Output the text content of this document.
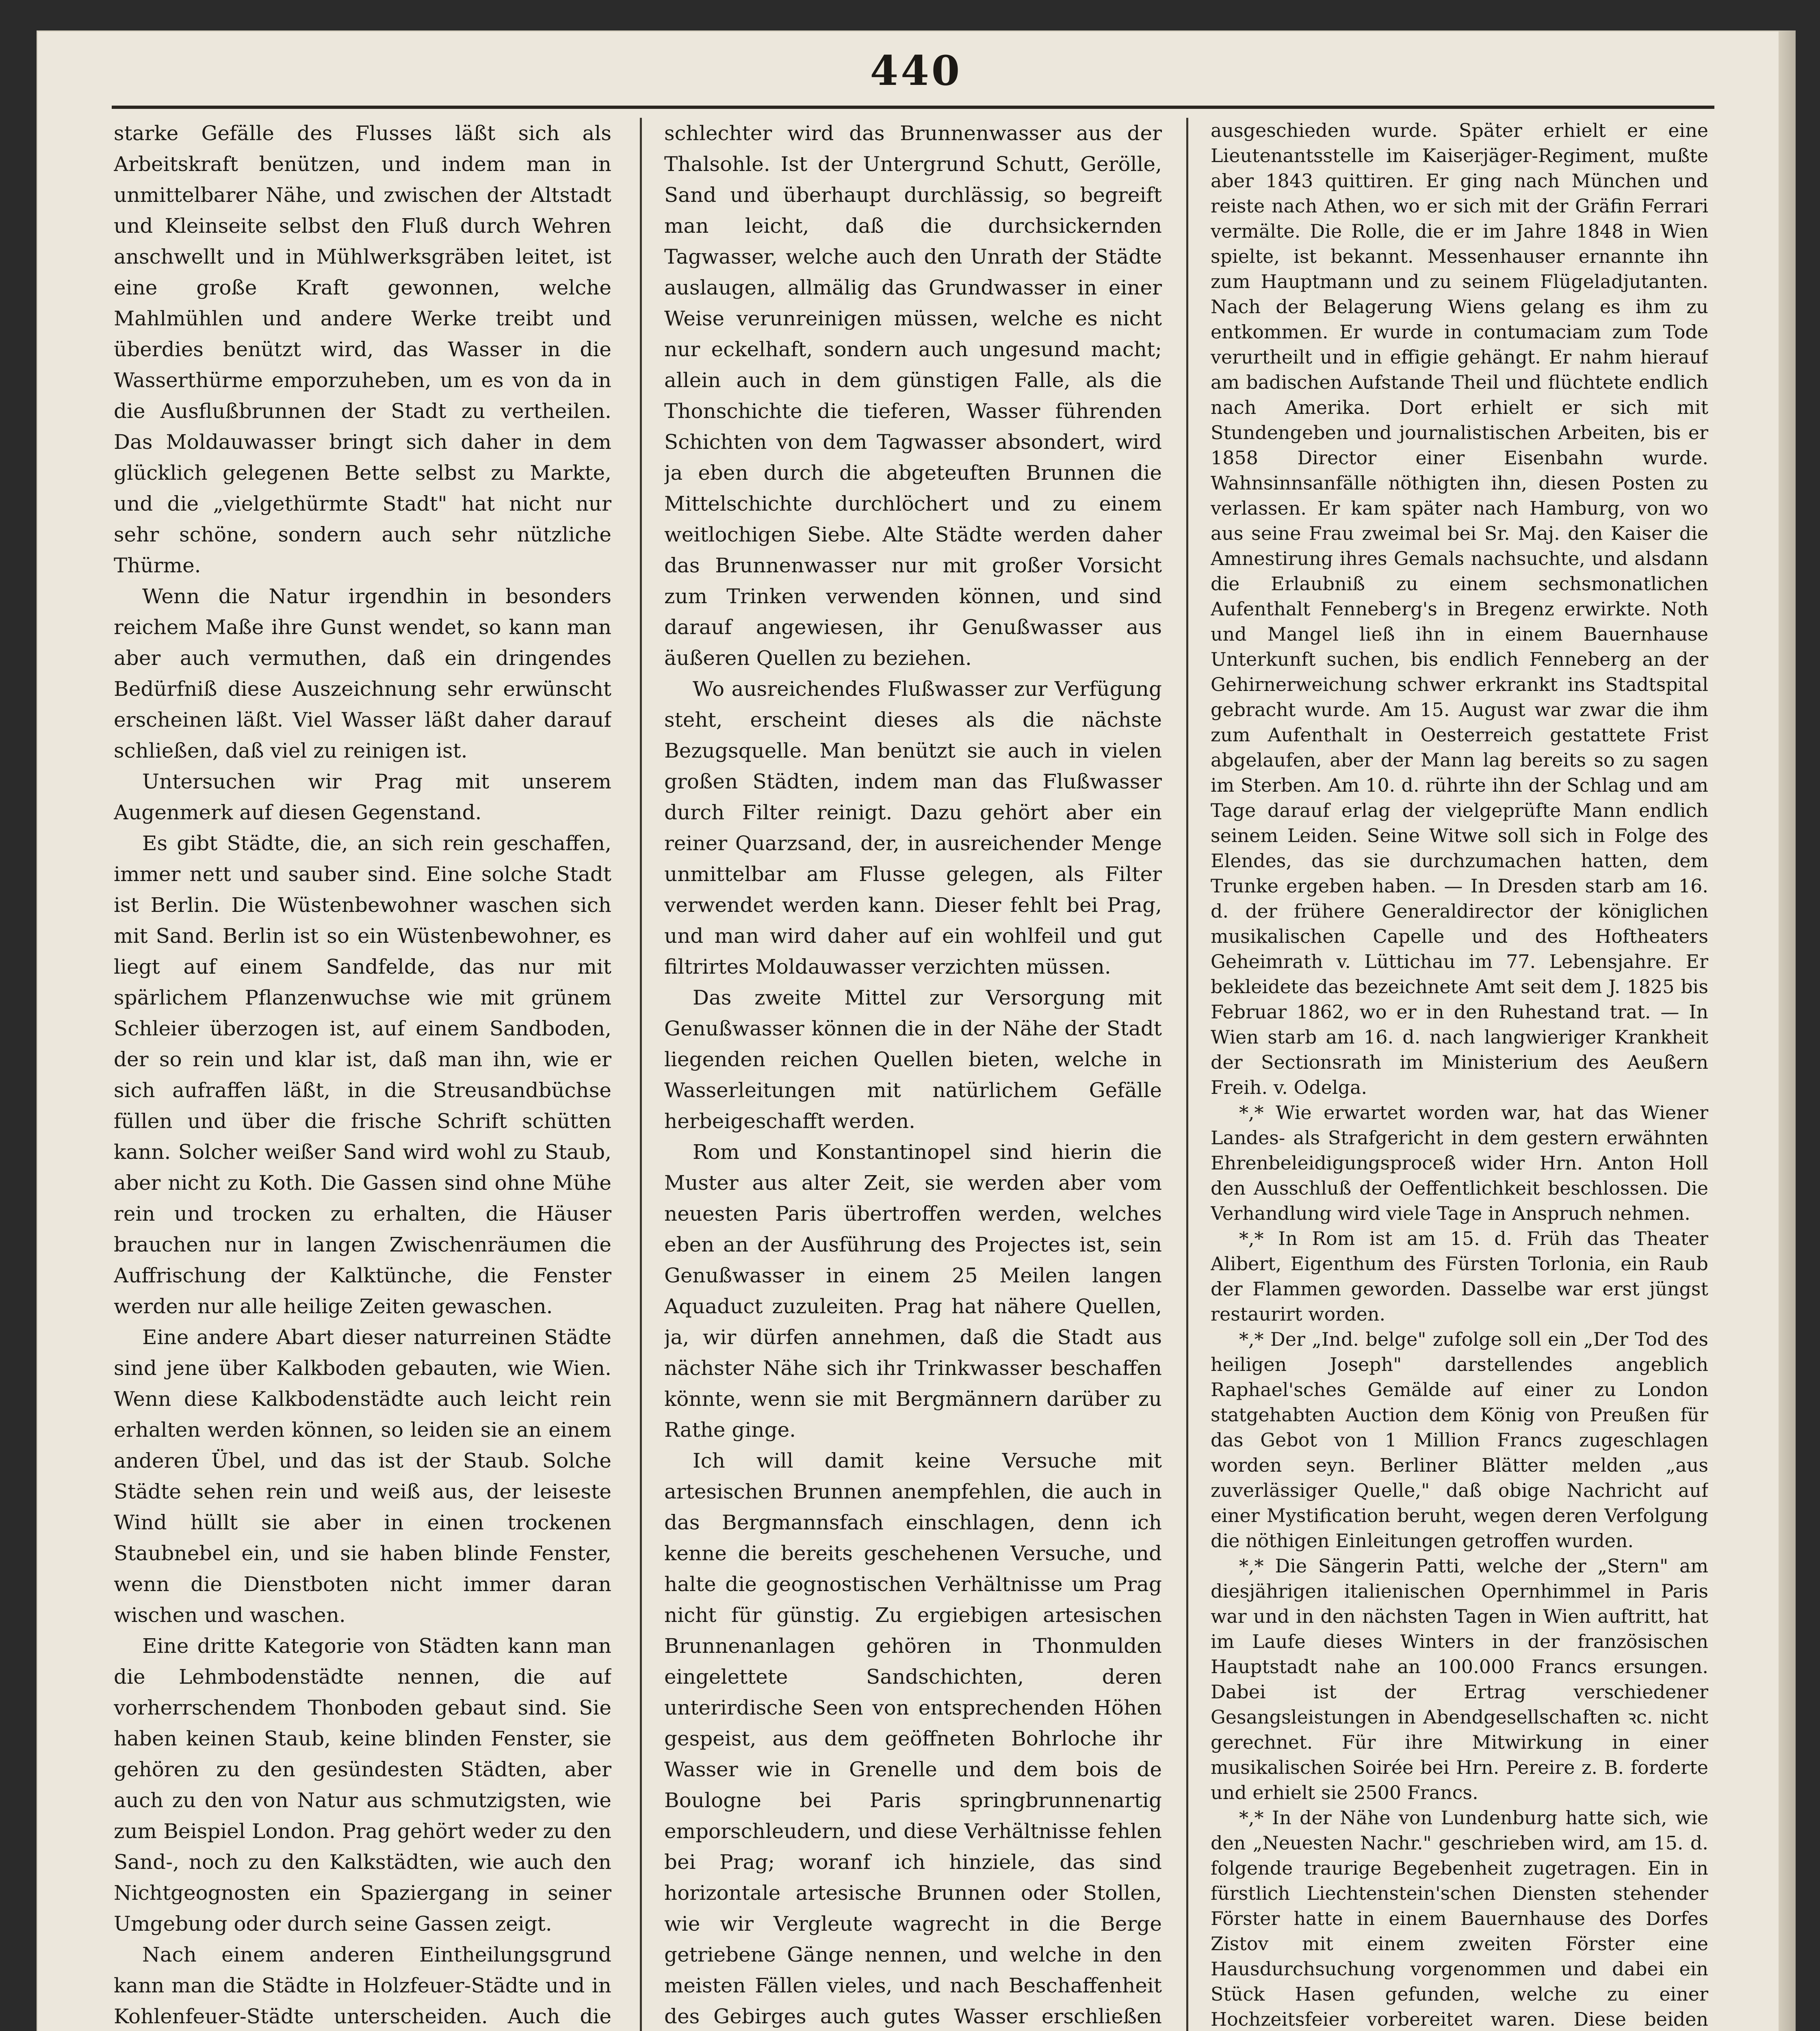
440

starke Gefälle des Flusses läßt sich als Arbeitskraft benützen, und indem man in unmittelbarer Nähe, und zwischen der Altstadt und Kleinseite selbst den Fluß durch Wehren anschwellt und in Mühlwerksgräben leitet, ist eine große Kraft gewonnen, welche Mahlmühlen und andere Werke treibt und überdies benützt wird, das Wasser in die Wasserthürme emporzuheben, um es von da in die Ausflußbrunnen der Stadt zu vertheilen. Das Moldauwasser bringt sich daher in dem glücklich gelegenen Bette selbst zu Markte, und die „vielgethürmte Stadt" hat nicht nur sehr schöne, sondern auch sehr nützliche Thürme.

Wenn die Natur irgendhin in besonders reichem Maße ihre Gunst wendet, so kann man aber auch vermuthen, daß ein dringendes Bedürfniß diese Auszeichnung sehr erwünscht erscheinen läßt. Viel Wasser läßt daher darauf schließen, daß viel zu reinigen ist.

Untersuchen wir Prag mit unserem Augenmerk auf diesen Gegenstand.

Es gibt Städte, die, an sich rein geschaffen, immer nett und sauber sind. Eine solche Stadt ist Berlin. Die Wüstenbewohner waschen sich mit Sand. Berlin ist so ein Wüstenbewohner, es liegt auf einem Sandfelde, das nur mit spärlichem Pflanzenwuchse wie mit grünem Schleier überzogen ist, auf einem Sandboden, der so rein und klar ist, daß man ihn, wie er sich aufraffen läßt, in die Streusandbüchse füllen und über die frische Schrift schütten kann. Solcher weißer Sand wird wohl zu Staub, aber nicht zu Koth. Die Gassen sind ohne Mühe rein und trocken zu erhalten, die Häuser brauchen nur in langen Zwischenräumen die Auffrischung der Kalktünche, die Fenster werden nur alle heilige Zeiten gewaschen.

Eine andere Abart dieser naturreinen Städte sind jene über Kalkboden gebauten, wie Wien. Wenn diese Kalkbodenstädte auch leicht rein erhalten werden können, so leiden sie an einem anderen Übel, und das ist der Staub. Solche Städte sehen rein und weiß aus, der leiseste Wind hüllt sie aber in einen trockenen Staubnebel ein, und sie haben blinde Fenster, wenn die Dienstboten nicht immer daran wischen und waschen.

Eine dritte Kategorie von Städten kann man die Lehmbodenstädte nennen, die auf vorherrschendem Thonboden gebaut sind. Sie haben keinen Staub, keine blinden Fenster, sie gehören zu den gesündesten Städten, aber auch zu den von Natur aus schmutzigsten, wie zum Beispiel London. Prag gehört weder zu den Sand-, noch zu den Kalkstädten, wie auch den Nichtgeognosten ein Spaziergang in seiner Umgebung oder durch seine Gassen zeigt.

Nach einem anderen Eintheilungsgrund kann man die Städte in Holzfeuer-Städte und in Kohlenfeuer-Städte unterscheiden. Auch die

schlechter wird das Brunnenwasser aus der Thalsohle. Ist der Untergrund Schutt, Gerölle, Sand und überhaupt durchlässig, so begreift man leicht, daß die durchsickernden Tagwasser, welche auch den Unrath der Städte auslaugen, allmälig das Grundwasser in einer Weise verunreinigen müssen, welche es nicht nur eckelhaft, sondern auch ungesund macht; allein auch in dem günstigen Falle, als die Thonschichte die tieferen, Wasser führenden Schichten von dem Tagwasser absondert, wird ja eben durch die abgeteuften Brunnen die Mittelschichte durchlöchert und zu einem weitlochigen Siebe. Alte Städte werden daher das Brunnenwasser nur mit großer Vorsicht zum Trinken verwenden können, und sind darauf angewiesen, ihr Genußwasser aus äußeren Quellen zu beziehen.

Wo ausreichendes Flußwasser zur Verfügung steht, erscheint dieses als die nächste Bezugsquelle. Man benützt sie auch in vielen großen Städten, indem man das Flußwasser durch Filter reinigt. Dazu gehört aber ein reiner Quarzsand, der, in ausreichender Menge unmittelbar am Flusse gelegen, als Filter verwendet werden kann. Dieser fehlt bei Prag, und man wird daher auf ein wohlfeil und gut filtrirtes Moldauwasser verzichten müssen.

Das zweite Mittel zur Versorgung mit Genußwasser können die in der Nähe der Stadt liegenden reichen Quellen bieten, welche in Wasserleitungen mit natürlichem Gefälle herbeigeschafft werden.

Rom und Konstantinopel sind hierin die Muster aus alter Zeit, sie werden aber vom neuesten Paris übertroffen werden, welches eben an der Ausführung des Projectes ist, sein Genußwasser in einem 25 Meilen langen Aquaduct zuzuleiten. Prag hat nähere Quellen, ja, wir dürfen annehmen, daß die Stadt aus nächster Nähe sich ihr Trinkwasser beschaffen könnte, wenn sie mit Bergmännern darüber zu Rathe ginge.

Ich will damit keine Versuche mit artesischen Brunnen anempfehlen, die auch in das Bergmannsfach einschlagen, denn ich kenne die bereits geschehenen Versuche, und halte die geognostischen Verhältnisse um Prag nicht für günstig. Zu ergiebigen artesischen Brunnenanlagen gehören in Thonmulden eingelettete Sandschichten, deren unterirdische Seen von entsprechenden Höhen gespeist, aus dem geöffneten Bohrloche ihr Wasser wie in Grenelle und dem bois de Boulogne bei Paris springbrunnenartig emporschleudern, und diese Verhältnisse fehlen bei Prag; woranf ich hinziele, das sind horizontale artesische Brunnen oder Stollen, wie wir Vergleute wagrecht in die Berge getriebene Gänge nennen, und welche in den meisten Fällen vieles, und nach Beschaffenheit des Gebirges auch gutes Wasser erschließen

ausgeschieden wurde. Später erhielt er eine Lieutenantsstelle im Kaiserjäger-Regiment, mußte aber 1843 quittiren. Er ging nach München und reiste nach Athen, wo er sich mit der Gräfin Ferrari vermälte. Die Rolle, die er im Jahre 1848 in Wien spielte, ist bekannt. Messenhauser ernannte ihn zum Hauptmann und zu seinem Flügeladjutanten. Nach der Belagerung Wiens gelang es ihm zu entkommen. Er wurde in contumaciam zum Tode verurtheilt und in effigie gehängt. Er nahm hierauf am badischen Aufstande Theil und flüchtete endlich nach Amerika. Dort erhielt er sich mit Stundengeben und journalistischen Arbeiten, bis er 1858 Director einer Eisenbahn wurde. Wahnsinnsanfälle nöthigten ihn, diesen Posten zu verlassen. Er kam später nach Hamburg, von wo aus seine Frau zweimal bei Sr. Maj. den Kaiser die Amnestirung ihres Gemals nachsuchte, und alsdann die Erlaubniß zu einem sechsmonatlichen Aufenthalt Fenneberg's in Bregenz erwirkte. Noth und Mangel ließ ihn in einem Bauernhause Unterkunft suchen, bis endlich Fenneberg an der Gehirnerweichung schwer erkrankt ins Stadtspital gebracht wurde. Am 15. August war zwar die ihm zum Aufenthalt in Oesterreich gestattete Frist abgelaufen, aber der Mann lag bereits so zu sagen im Sterben. Am 10. d. rührte ihn der Schlag und am Tage darauf erlag der vielgeprüfte Mann endlich seinem Leiden. Seine Witwe soll sich in Folge des Elendes, das sie durchzumachen hatten, dem Trunke ergeben haben. — In Dresden starb am 16. d. der frühere Generaldirector der königlichen musikalischen Capelle und des Hoftheaters Geheimrath v. Lüttichau im 77. Lebensjahre. Er bekleidete das bezeichnete Amt seit dem J. 1825 bis Februar 1862, wo er in den Ruhestand trat. — In Wien starb am 16. d. nach langwieriger Krankheit der Sectionsrath im Ministerium des Aeußern Freih. v. Odelga.

*,* Wie erwartet worden war, hat das Wiener Landes- als Strafgericht in dem gestern erwähnten Ehrenbeleidigungsproceß wider Hrn. Anton Holl den Ausschluß der Oeffentlichkeit beschlossen. Die Verhandlung wird viele Tage in Anspruch nehmen.

*,* In Rom ist am 15. d. Früh das Theater Alibert, Eigenthum des Fürsten Torlonia, ein Raub der Flammen geworden. Dasselbe war erst jüngst restaurirt worden.

*,* Der „Ind. belge" zufolge soll ein „Der Tod des heiligen Joseph" darstellendes angeblich Raphael'sches Gemälde auf einer zu London statgehabten Auction dem König von Preußen für das Gebot von 1 Million Francs zugeschlagen worden seyn. Berliner Blätter melden „aus zuverlässiger Quelle," daß obige Nachricht auf einer Mystification beruht, wegen deren Verfolgung die nöthigen Einleitungen getroffen wurden.

*,* Die Sängerin Patti, welche der „Stern" am diesjährigen italienischen Opernhimmel in Paris war und in den nächsten Tagen in Wien auftritt, hat im Laufe dieses Winters in der französischen Hauptstadt nahe an 100.000 Francs ersungen. Dabei ist der Ertrag verschiedener Gesangsleistungen in Abendgesellschaften ꝛc. nicht gerechnet. Für ihre Mitwirkung in einer musikalischen Soirée bei Hrn. Pereire z. B. forderte und erhielt sie 2500 Francs.

*,* In der Nähe von Lundenburg hatte sich, wie den „Neuesten Nachr." geschrieben wird, am 15. d. folgende traurige Begebenheit zugetragen. Ein in fürstlich Liechtenstein'schen Diensten stehender Förster hatte in einem Bauernhause des Dorfes Zistov mit einem zweiten Förster eine Hausdurchsuchung vorgenommen und dabei ein Stück Hasen gefunden, welche zu einer Hochzeitsfeier vorbereitet waren. Diese beiden
